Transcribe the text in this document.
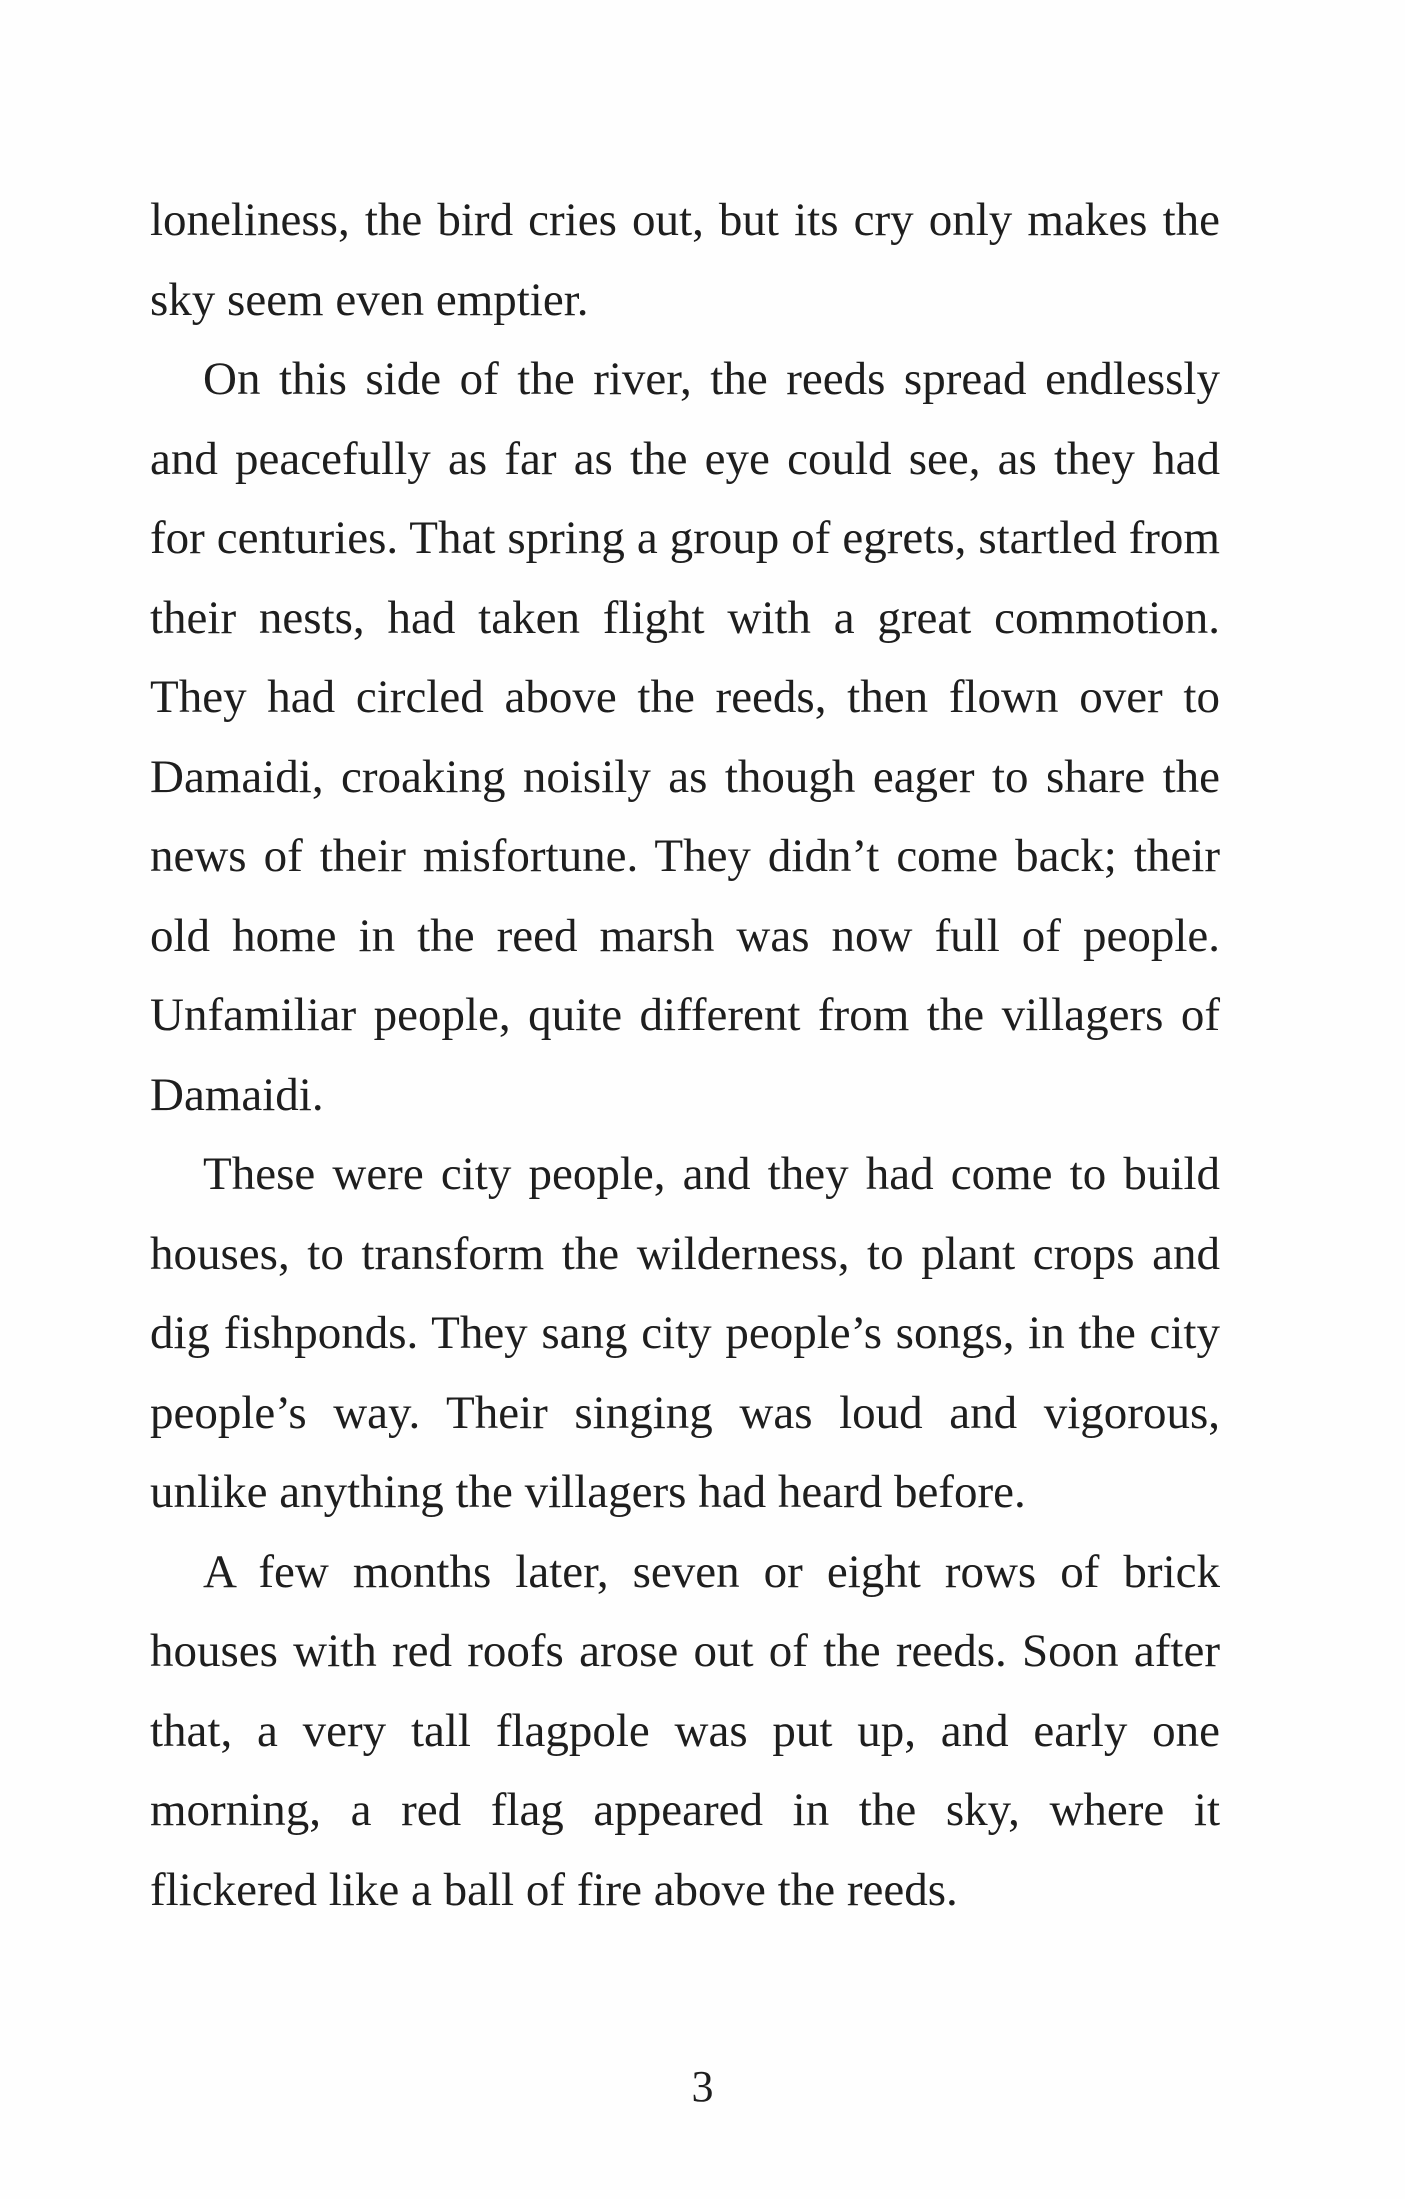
loneliness, the bird cries out, but its cry only makes the sky seem even emptier.

On this side of the river, the reeds spread endlessly and peacefully as far as the eye could see, as they had for centuries. That spring a group of egrets, startled from their nests, had taken flight with a great commotion. They had circled above the reeds, then flown over to Damaidi, croaking noisily as though eager to share the news of their misfortune. They didn’t come back; their old home in the reed marsh was now full of people. Unfamiliar people, quite different from the villagers of Damaidi.

These were city people, and they had come to build houses, to transform the wilderness, to plant crops and dig fishponds. They sang city people’s songs, in the city people’s way. Their singing was loud and vigorous, unlike anything the villagers had heard before.

A few months later, seven or eight rows of brick houses with red roofs arose out of the reeds. Soon after that, a very tall flagpole was put up, and early one morning, a red flag appeared in the sky, where it flickered like a ball of fire above the reeds.

3
